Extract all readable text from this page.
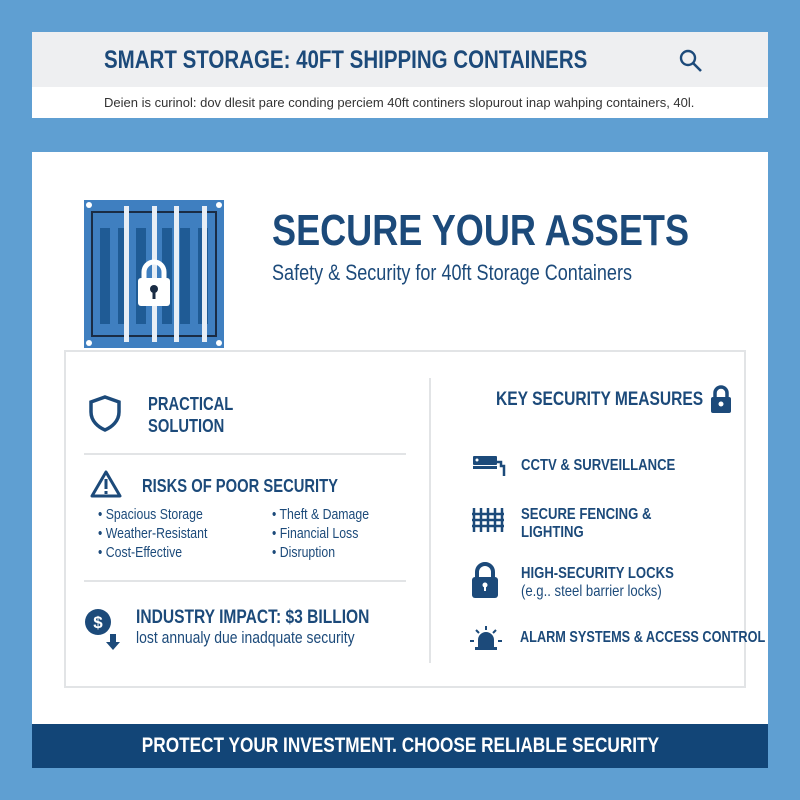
SMART STORAGE: 40FT SHIPPING CONTAINERS
Deien is curinol: dov dlesit pare conding perciem 40ft continers slopurout inap wahping containers, 40l.
SECURE YOUR ASSETS
Safety & Security for 40ft Storage Containers
PRACTICAL
SOLUTION
RISKS OF POOR SECURITY
• Spacious Storage
• Weather-Resistant
• Cost-Effective
• Theft & Damage
• Financial Loss
• Disruption
$ INDUSTRY IMPACT: $3 BILLION
lost annualy due inadquate security
KEY SECURITY MEASURES
CCTV & SURVEILLANCE
SECURE FENCING &
LIGHTING
HIGH-SECURITY LOCKS
(e.g.. steel barrier locks)
ALARM SYSTEMS & ACCESS CONTROL
PROTECT YOUR INVESTMENT. CHOOSE RELIABLE SECURITY
